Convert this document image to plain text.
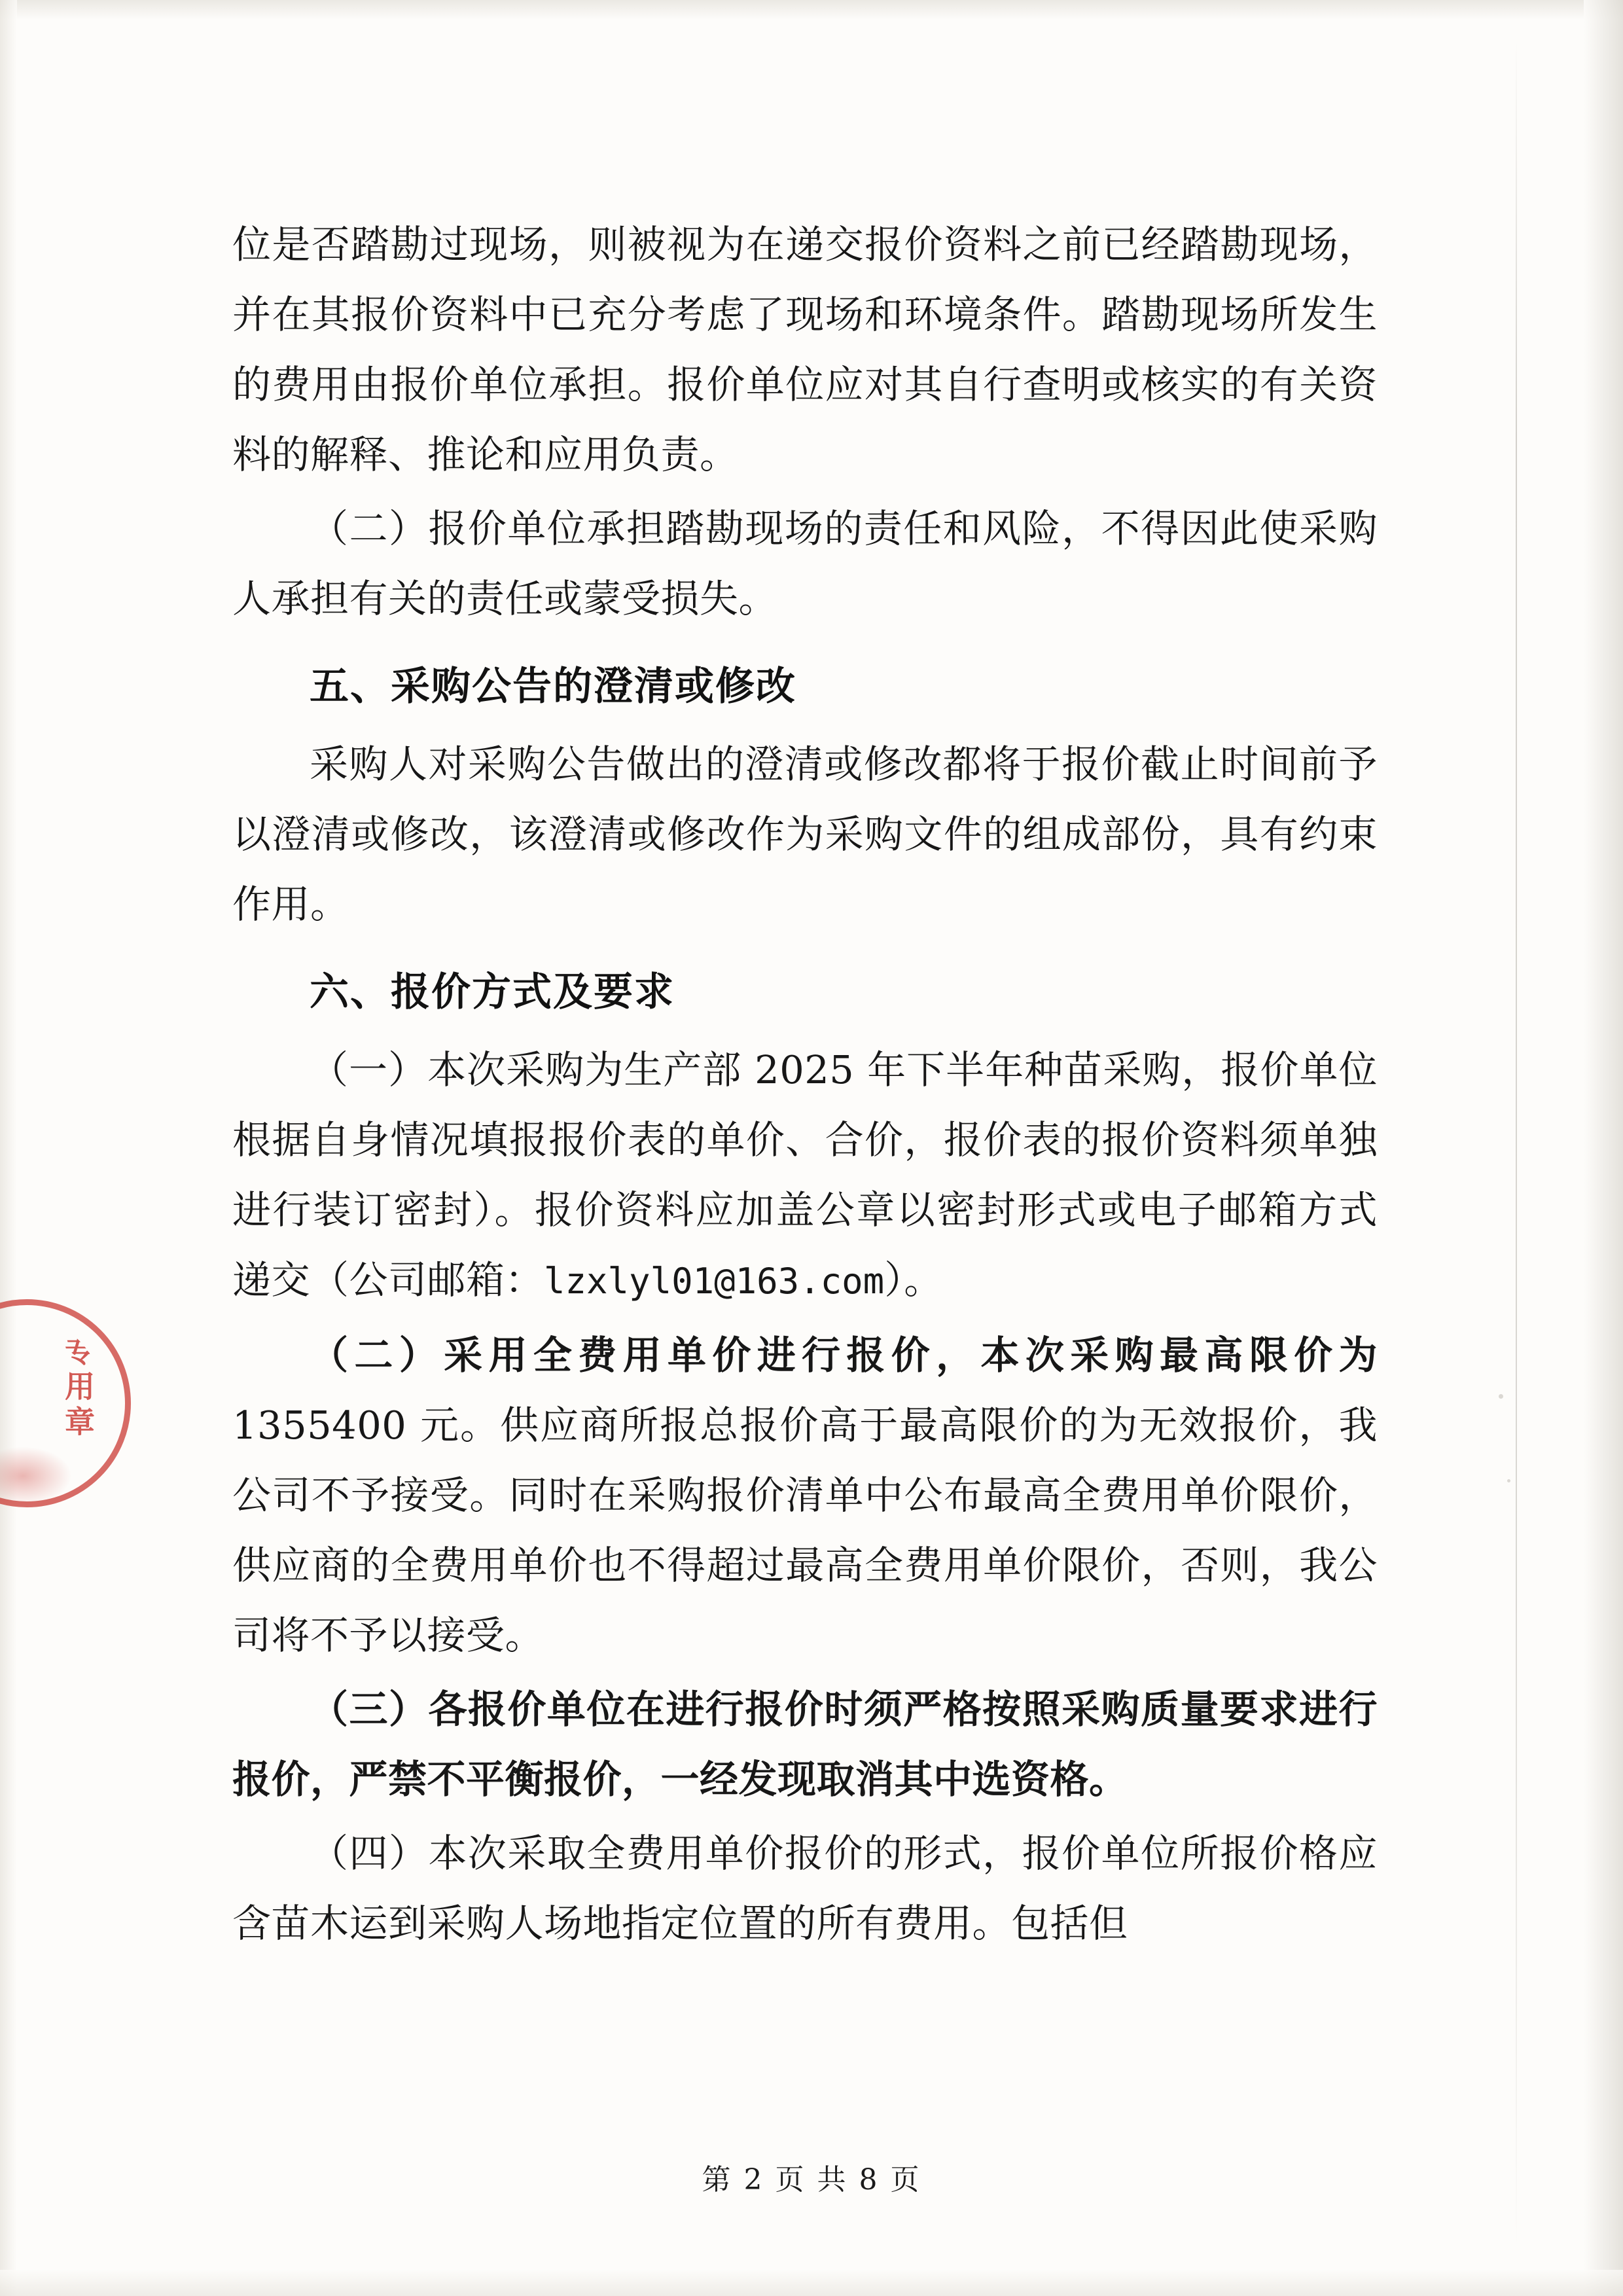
专用章

位是否踏勘过现场，则被视为在递交报价资料之前已经踏勘现场，并在其报价资料中已充分考虑了现场和环境条件。踏勘现场所发生的费用由报价单位承担。报价单位应对其自行查明或核实的有关资料的解释、推论和应用负责。

（二）报价单位承担踏勘现场的责任和风险，不得因此使采购人承担有关的责任或蒙受损失。

五、采购公告的澄清或修改

采购人对采购公告做出的澄清或修改都将于报价截止时间前予以澄清或修改，该澄清或修改作为采购文件的组成部份，具有约束作用。

六、报价方式及要求

（一）本次采购为生产部 2025 年下半年种苗采购，报价单位根据自身情况填报报价表的单价、合价，报价表的报价资料须单独进行装订密封）。报价资料应加盖公章以密封形式或电子邮箱方式递交（公司邮箱：lzxlyl01@163.com）。

（二）采用全费用单价进行报价，本次采购最高限价为1355400 元。供应商所报总报价高于最高限价的为无效报价，我公司不予接受。同时在采购报价清单中公布最高全费用单价限价，供应商的全费用单价也不得超过最高全费用单价限价，否则，我公司将不予以接受。

（三）各报价单位在进行报价时须严格按照采购质量要求进行报价，严禁不平衡报价，一经发现取消其中选资格。

（四）本次采取全费用单价报价的形式，报价单位所报价格应含苗木运到采购人场地指定位置的所有费用。包括但

第 2 页 共 8 页
